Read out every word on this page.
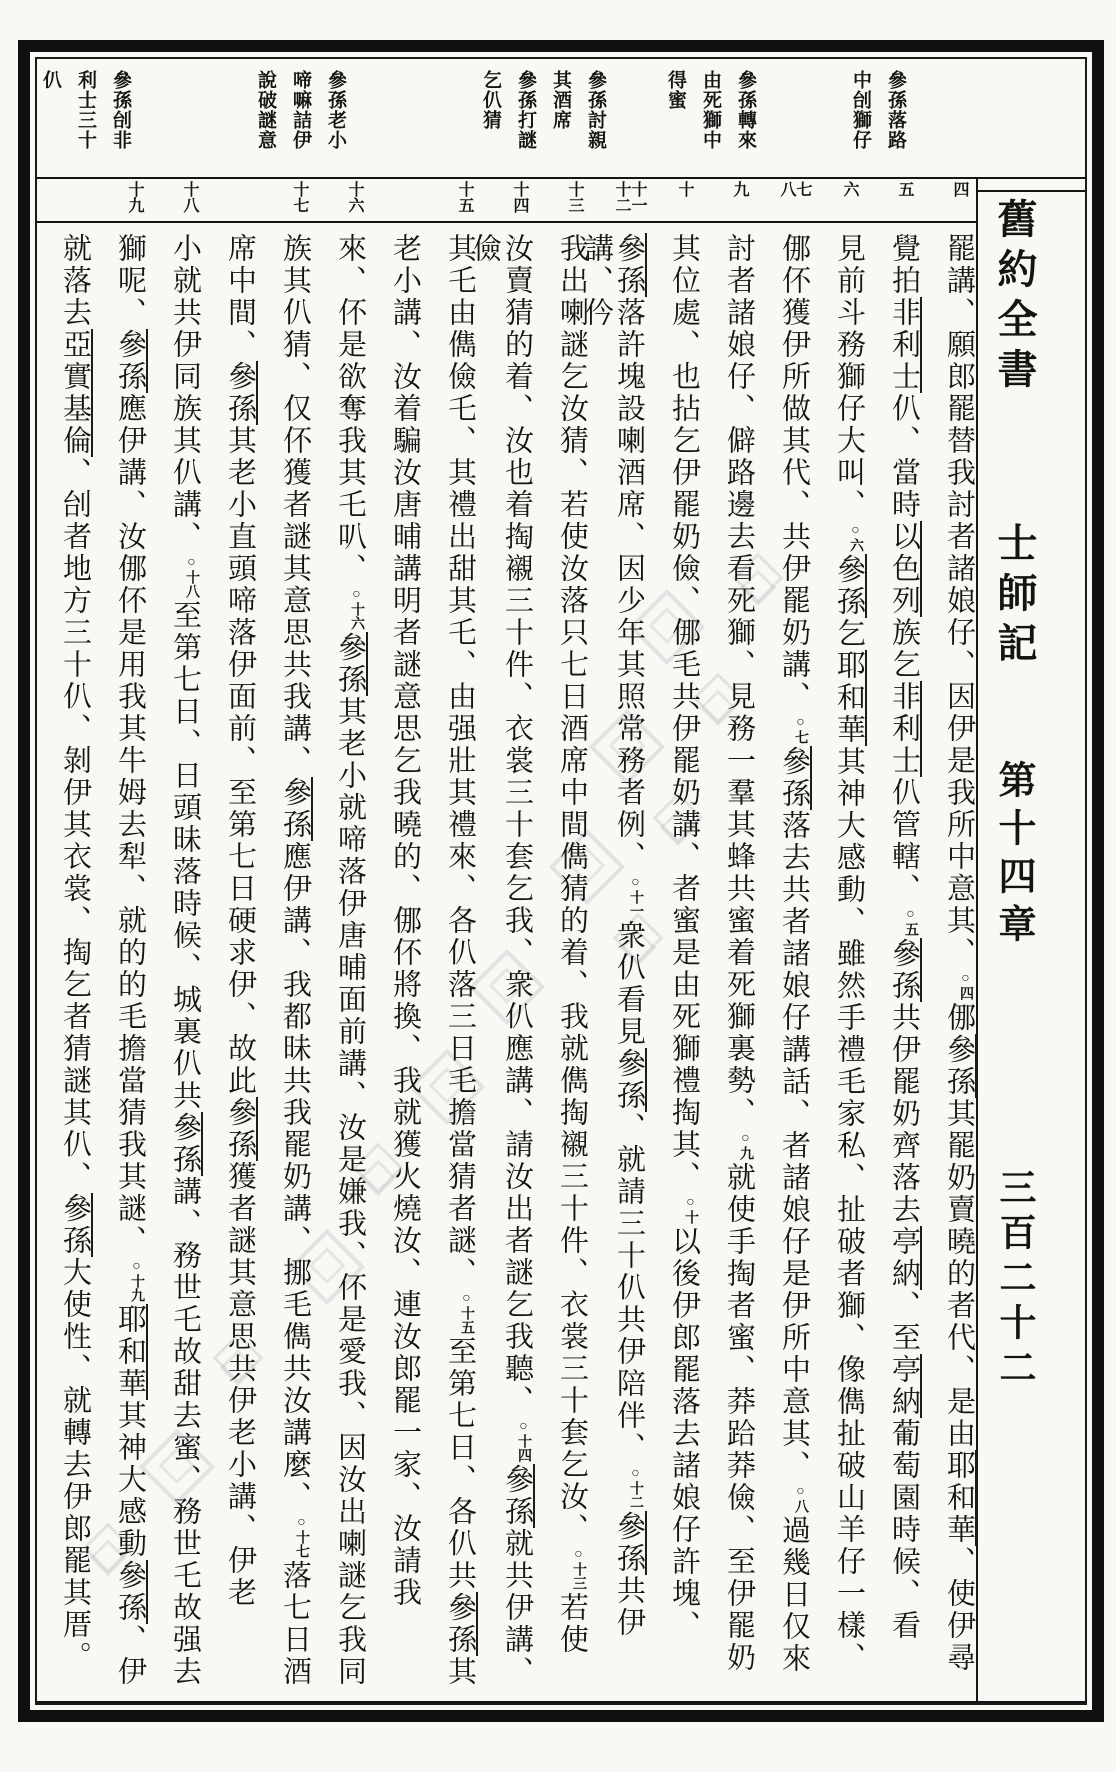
參孫落路
中刣獅仔
參孫轉來
由死獅中
得蜜
參孫討親
其酒席
參孫打謎
乞仈猜
參孫老小
啼嘛詰伊
說破謎意
參孫刣非
利士三十
仈
四
五
六
七
八
九
十
十一
十二
十三
十四
十五
十六
十七
十八
十九
罷講、願郎罷替我討者諸娘仔、因伊是我所中意其、○四㑚參孫其罷奶賣曉的者代、是由耶和華、使伊尋覺拍非利士仈、當時以色列族乞非利士仈管轄、○五參孫共伊罷奶齊落去亭納、至亭納葡萄園時候、看見前斗務獅仔大叫、○六參孫乞耶和華其神大感動、雖然手禮毛家私、扯破者獅、像儁扯破山羊仔一樣、㑚伓獲伊所做其代、共伊罷奶講、○七參孫落去共者諸娘仔講話、者諸娘仔是伊所中意其、○八過幾日仅來討者諸娘仔、僻路邊去看死獅、見務一羣其蜂共蜜着死獅裏勢、○九就使手掏者蜜、莽跲莽儉、至伊罷奶其位處、也拈乞伊罷奶儉、㑚毛共伊罷奶講、者蜜是由死獅禮掏其、○十以後伊郎罷落去諸娘仔許塊、參孫落許塊設喇酒席、因少年其照常務者例、○十一衆仈看見參孫、就請三十仈共伊陪伴、○十二參孫共伊講、仱我出喇謎乞汝猜、若使汝落只七日酒席中間儁猜的着、我就儁掏襯三十件、衣裳三十套乞汝、○十三若使汝賣猜的着、汝也着掏襯三十件、衣裳三十套乞我、衆仈應講、請汝出者謎乞我聽、○十四參孫就共伊講、儉其乇由儁儉乇、其禮出甜其乇、由强壯其禮來、各仈落三日毛擔當猜者謎、○十五至第七日、各仈共參孫其老小講、汝着騙汝唐晡講明者謎意思乞我曉的、㑚伓將換、我就獲火燒汝、連汝郎罷一家、汝請我來、伓是欲奪我其乇叭、○十六參孫其老小就啼落伊唐晡面前講、汝是嫌我、伓是愛我、因汝出喇謎乞我同族其仈猜、仅伓獲者謎其意思共我講、參孫應伊講、我都昧共我罷奶講、挪毛儁共汝講麼、○十七落七日酒席中間、參孫其老小直頭啼落伊面前、至第七日硬求伊、故此參孫獲者謎其意思共伊老小講、伊老小就共伊同族其仈講、○十八至第七日、日頭昧落時候、城裏仈共參孫講、務世乇故甜去蜜、務世乇故强去獅呢、參孫應伊講、汝㑚伓是用我其牛姆去犁、就的的毛擔當猜我其謎、○十九耶和華其神大感動參孫、伊就落去亞實基倫、刣者地方三十仈、剝伊其衣裳、掏乞者猜謎其仈、參孫大使性、就轉去伊郎罷其厝。
舊約全書
士師記
第十四章
三百二十二
